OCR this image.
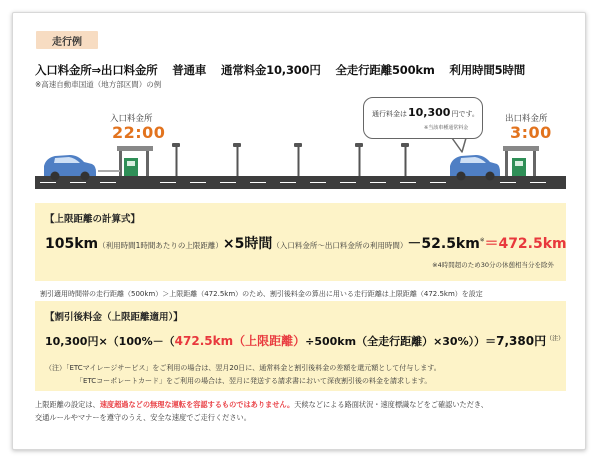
走行例
入口料金所⇒出口料金所 普通車 通常料金10,300円 全走行距離500km 利用時間5時間
※高速自動車国道（地方部区間）の例
入口料金所
22:00
出口料金所
3:00
通行料金は10,300円です。
※当該車種通常料金
【上限距離の計算式】
105km（利用時間1時間あたりの上限距離）×5時間（入口料金所～出口料金所の利用時間）－52.5km※＝472.5km
※4時間超のため30分の休憩相当分を除外
割引適用時間帯の走行距離（500km）＞上限距離（472.5km）のため、割引後料金の算出に用いる走行距離は上限距離（472.5km）を設定
【割引後料金（上限距離適用）】
10,300円×（100%－（472.5km（上限距離）÷500km（全走行距離）×30%））＝7,380円$^{(注)}$
（注）「ETCマイレージサービス」をご利用の場合は、翌月20日に、通常料金と割引後料金の差額を還元額として付与します。
「ETCコーポレートカード」をご利用の場合は、翌月に発送する請求書において深夜割引後の料金を請求します。
上限距離の設定は、速度超過などの無理な運転を容認するものではありません。天候などによる路面状況・速度標識などをご確認いただき、
交通ルールやマナーを遵守のうえ、安全な速度でご走行ください。
